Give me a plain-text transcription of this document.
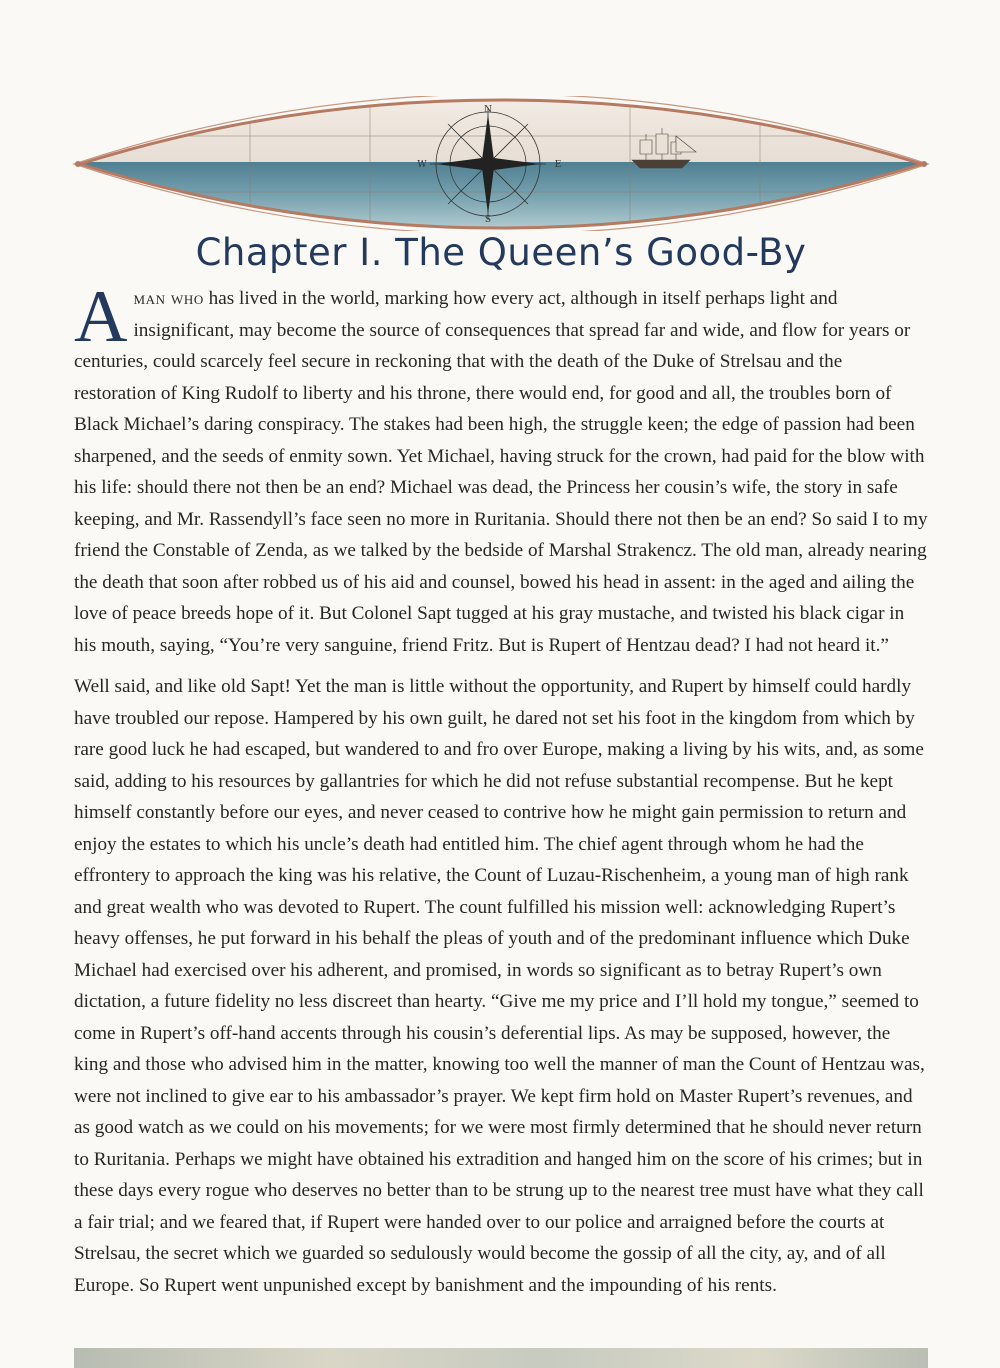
N
S
E
W
Chapter I. The Queen’s Good-By

Aman who has lived in the world, marking how every act, although in itself perhaps light and insignificant, may become the source of consequences that spread far and wide, and flow for years or centuries, could scarcely feel secure in reckoning that with the death of the Duke of Strelsau and the restoration of King Rudolf to liberty and his throne, there would end, for good and all, the troubles born of Black Michael’s daring conspiracy. The stakes had been high, the struggle keen; the edge of passion had been sharpened, and the seeds of enmity sown. Yet Michael, having struck for the crown, had paid for the blow with his life: should there not then be an end? Michael was dead, the Princess her cousin’s wife, the story in safe keeping, and Mr. Rassendyll’s face seen no more in Ruritania. Should there not then be an end? So said I to my friend the Constable of Zenda, as we talked by the bedside of Marshal Strakencz. The old man, already nearing the death that soon after robbed us of his aid and counsel, bowed his head in assent: in the aged and ailing the love of peace breeds hope of it. But Colonel Sapt tugged at his gray mustache, and twisted his black cigar in his mouth, saying, “You’re very sanguine, friend Fritz. But is Rupert of Hentzau dead? I had not heard it.”

Well said, and like old Sapt! Yet the man is little without the opportunity, and Rupert by himself could hardly have troubled our repose. Hampered by his own guilt, he dared not set his foot in the kingdom from which by rare good luck he had escaped, but wandered to and fro over Europe, making a living by his wits, and, as some said, adding to his resources by gallantries for which he did not refuse substantial recompense. But he kept himself constantly before our eyes, and never ceased to contrive how he might gain permission to return and enjoy the estates to which his uncle’s death had entitled him. The chief agent through whom he had the effrontery to approach the king was his relative, the Count of Luzau-Rischenheim, a young man of high rank and great wealth who was devoted to Rupert. The count fulfilled his mission well: acknowledging Rupert’s heavy offenses, he put forward in his behalf the pleas of youth and of the predominant influence which Duke Michael had exercised over his adherent, and promised, in words so significant as to betray Rupert’s own dictation, a future fidelity no less discreet than hearty. “Give me my price and I’ll hold my tongue,” seemed to come in Rupert’s off-hand accents through his cousin’s deferential lips. As may be supposed, however, the king and those who advised him in the matter, knowing too well the manner of man the Count of Hentzau was, were not inclined to give ear to his ambassador’s prayer. We kept firm hold on Master Rupert’s revenues, and as good watch as we could on his movements; for we were most firmly determined that he should never return to Ruritania. Perhaps we might have obtained his extradition and hanged him on the score of his crimes; but in these days every rogue who deserves no better than to be strung up to the nearest tree must have what they call a fair trial; and we feared that, if Rupert were handed over to our police and arraigned before the courts at Strelsau, the secret which we guarded so sedulously would become the gossip of all the city, ay, and of all Europe. So Rupert went unpunished except by banishment and the impounding of his rents.
